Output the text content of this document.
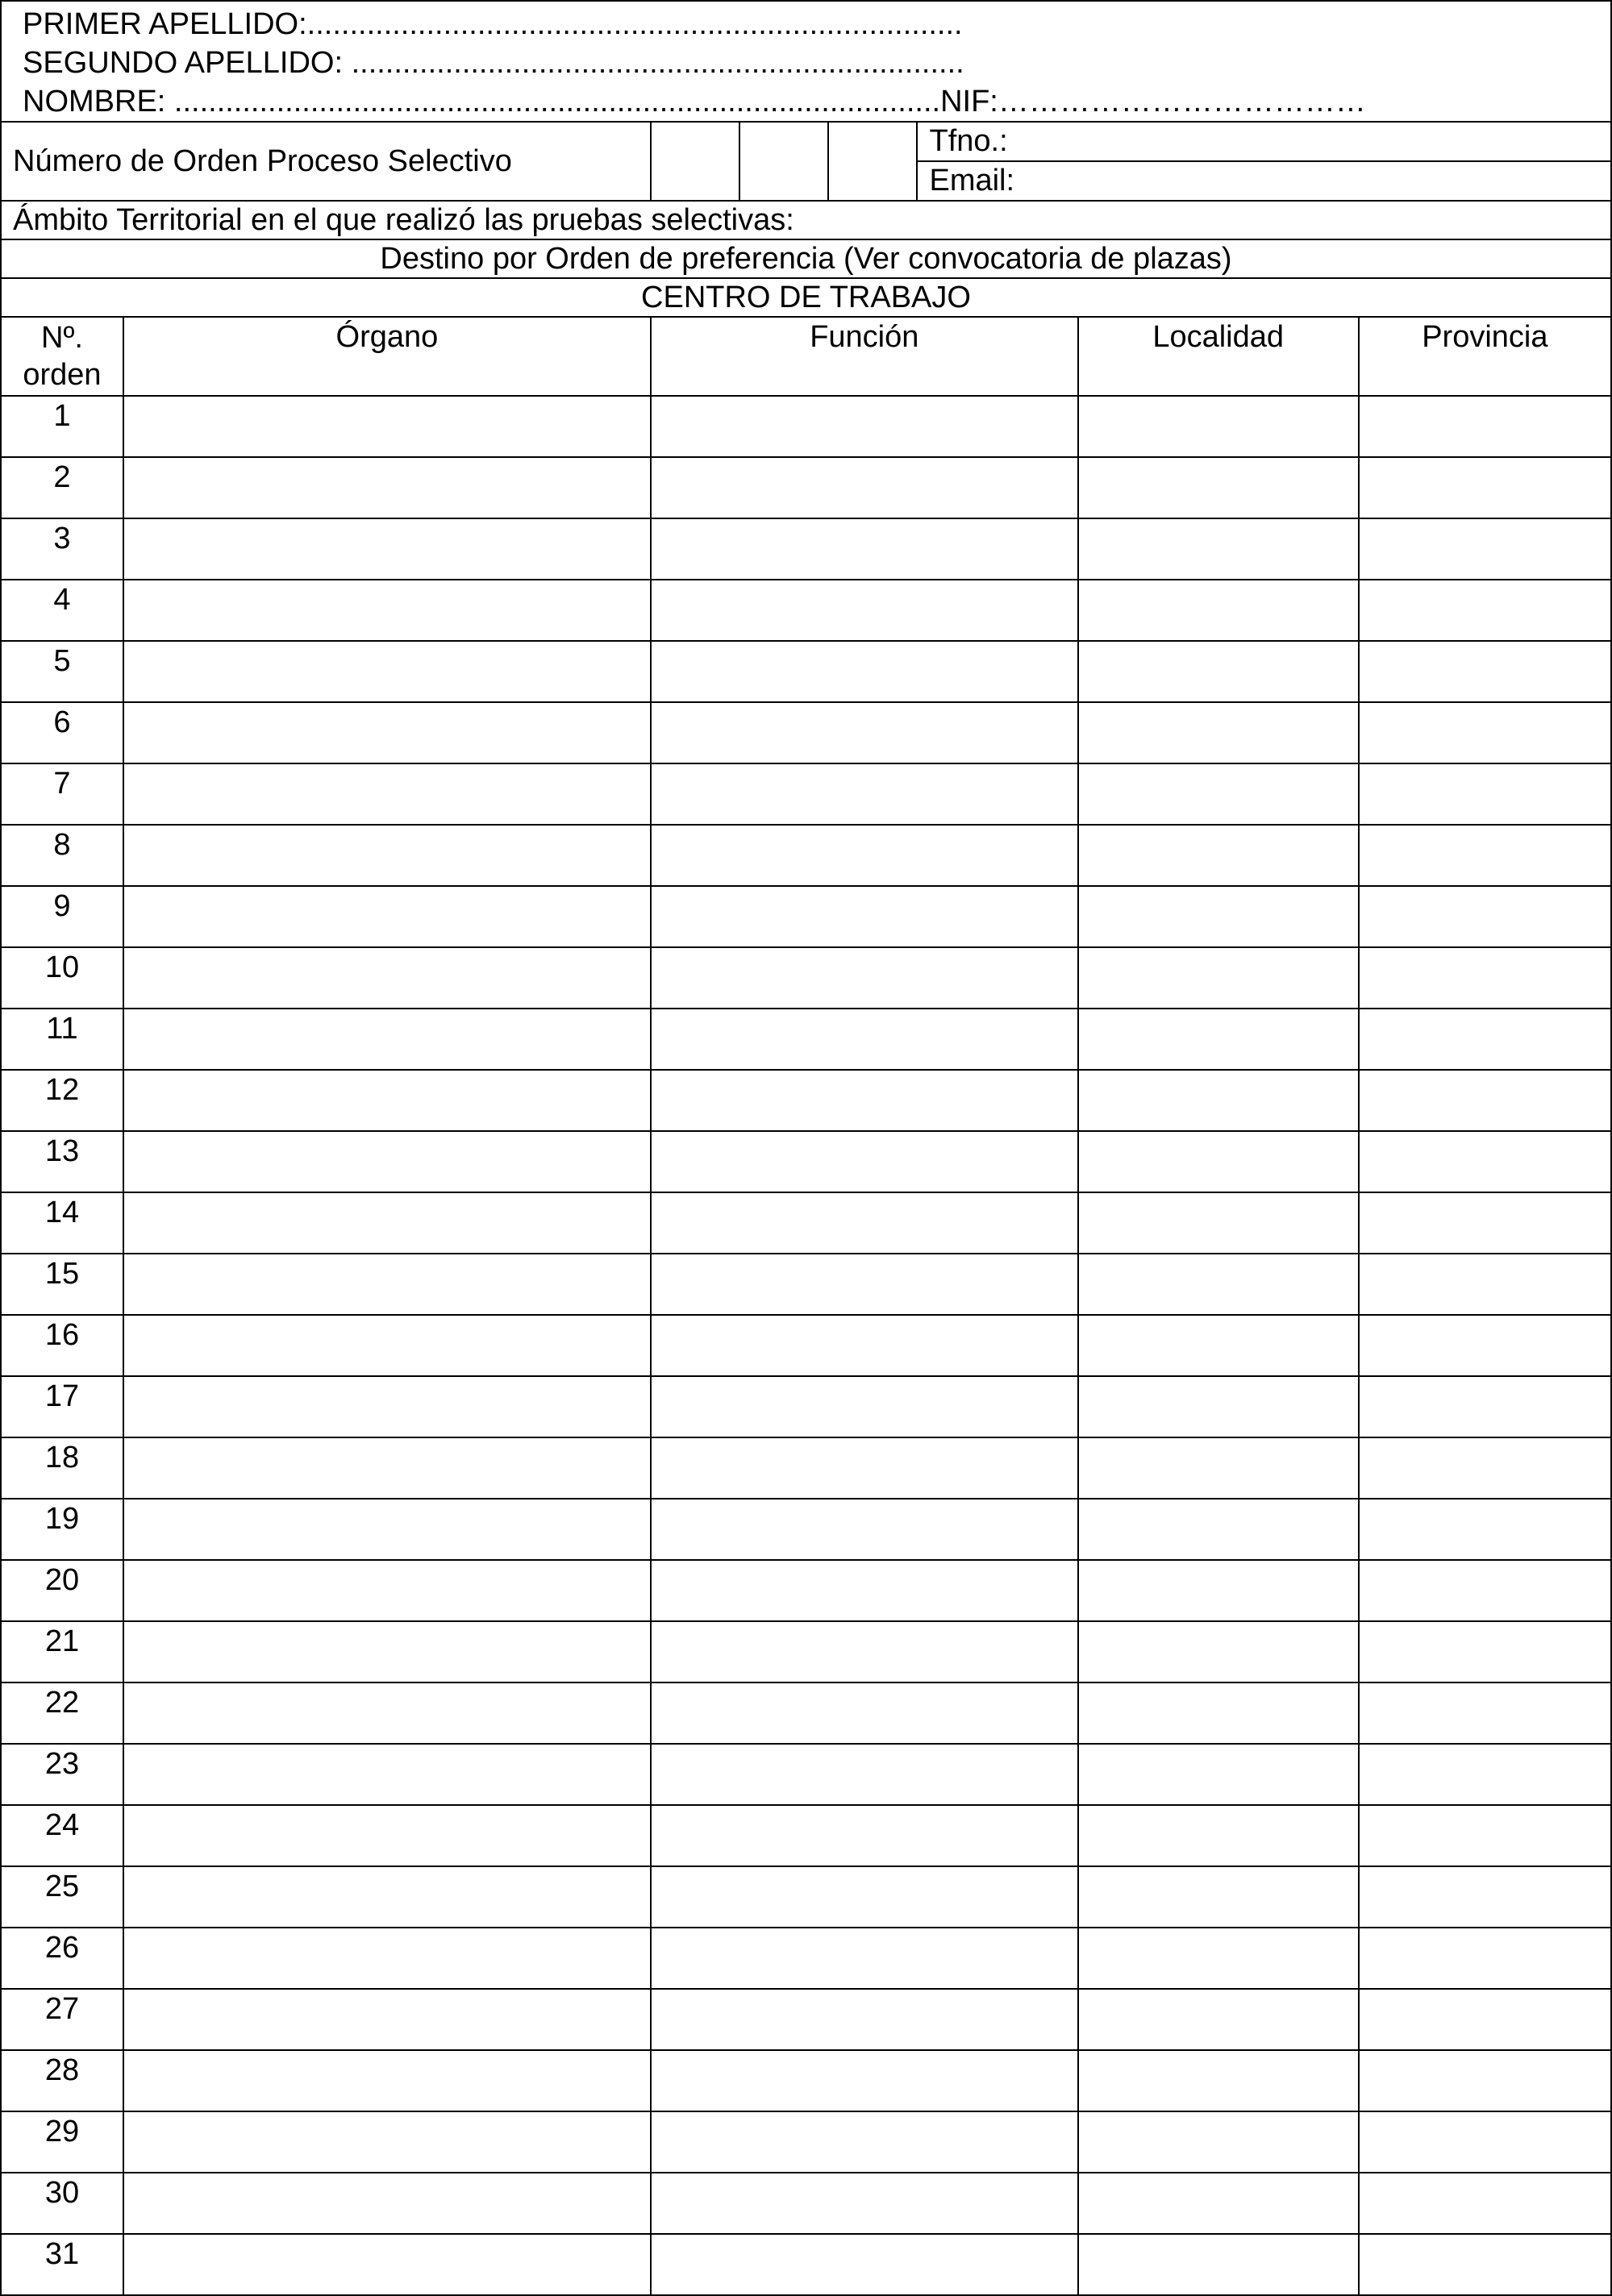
PRIMER APELLIDO:.............................................................................
SEGUNDO APELLIDO: ........................................................................
NOMBRE: ..........................................................................................NIF:………………………………							

Número de Orden Proceso Selectivo					Tfno.:		
					Email:		
Ámbito Territorial en el que realizó las pruebas selectivas:							
Destino por Orden de preferencia (Ver convocatoria de plazas)							
CENTRO DE TRABAJO							

Nº. orden	Órgano	Función				Localidad	Provincia
1							
2							
3							
4							
5							
6							
7							
8							
9							
10							
11							
12							
13							
14							
15							
16							
17							
18							
19							
20							
21							
22							
23							
24							
25							
26							
27							
28							
29							
30							
31							
